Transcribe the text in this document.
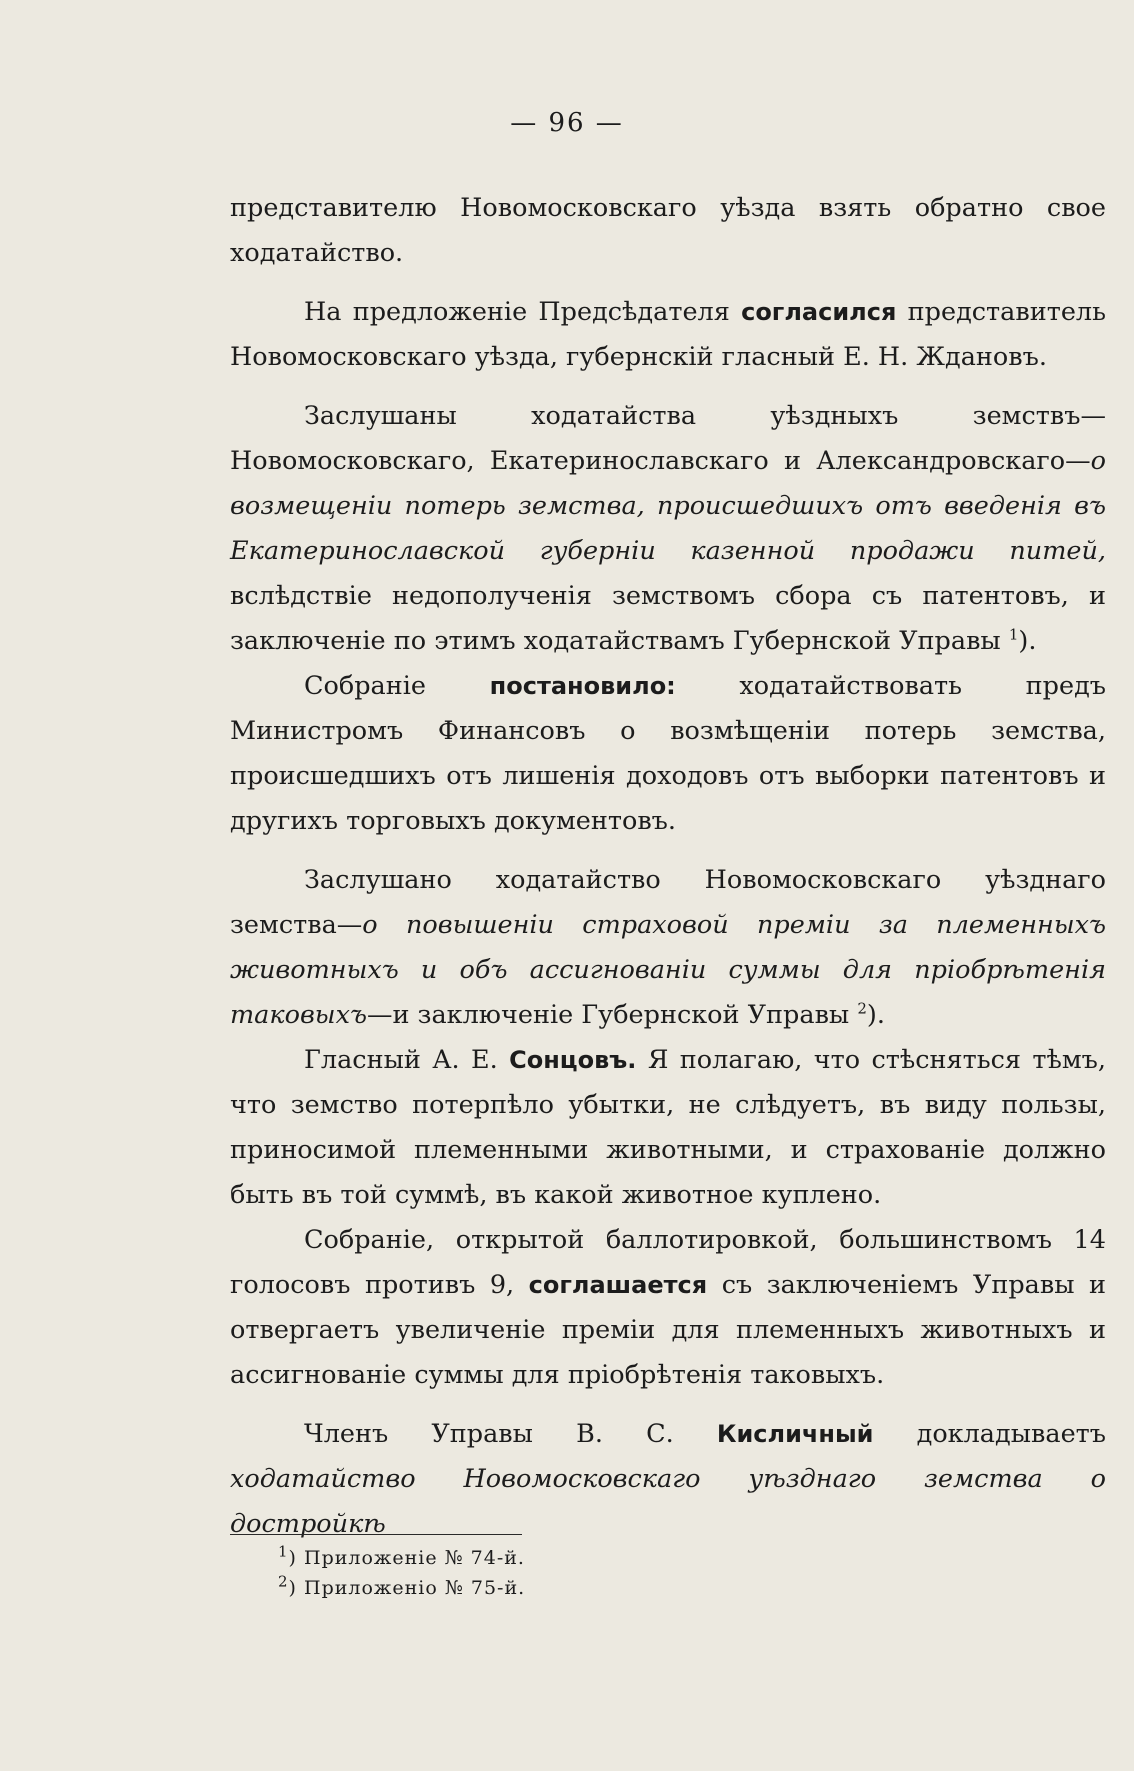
— 96 —

представителю Новомосковскаго уѣзда взять обратно свое ходатайство.

На предложеніе Предсѣдателя согласился представитель Новомосковскаго уѣзда, губернскій гласный Е. Н. Ждановъ.

Заслушаны ходатайства уѣздныхъ земствъ—Новомосковскаго, Екатеринославскаго и Александровскаго—о возмещеніи потерь земства, происшедшихъ отъ введенія въ Екатеринославской губерніи казенной продажи питей, вслѣдствіе недополученія земствомъ сбора съ патентовъ, и заключеніе по этимъ ходатайствамъ Губернской Управы $^1$).

Собраніе постановило: ходатайствовать предъ Министромъ Финансовъ о возмѣщеніи потерь земства, происшедшихъ отъ лишенія доходовъ отъ выборки патентовъ и другихъ торговыхъ документовъ.

Заслушано ходатайство Новомосковскаго уѣзднаго земства—о повышеніи страховой преміи за племенныхъ животныхъ и объ ассигнованіи суммы для пріобрѣтенія таковыхъ—и заключеніе Губернской Управы $^2$).

Гласный А. Е. Сонцовъ. Я полагаю, что стѣсняться тѣмъ, что земство потерпѣло убытки, не слѣдуетъ, въ виду пользы, приносимой племенными животными, и страхованіе должно быть въ той суммѣ, въ какой животное куплено.

Собраніе, открытой баллотировкой, большинствомъ 14 голосовъ противъ 9, соглашается съ заключеніемъ Управы и отвергаетъ увеличеніе преміи для племенныхъ животныхъ и ассигнованіе суммы для пріобрѣтенія таковыхъ.

Членъ Управы В. С. Кисличный докладываетъ ходатайство Новомосковскаго уѣзднаго земства о достройкѣ

$^1$) Приложеніе № 74-й.
$^2$) Приложеніо № 75-й.
